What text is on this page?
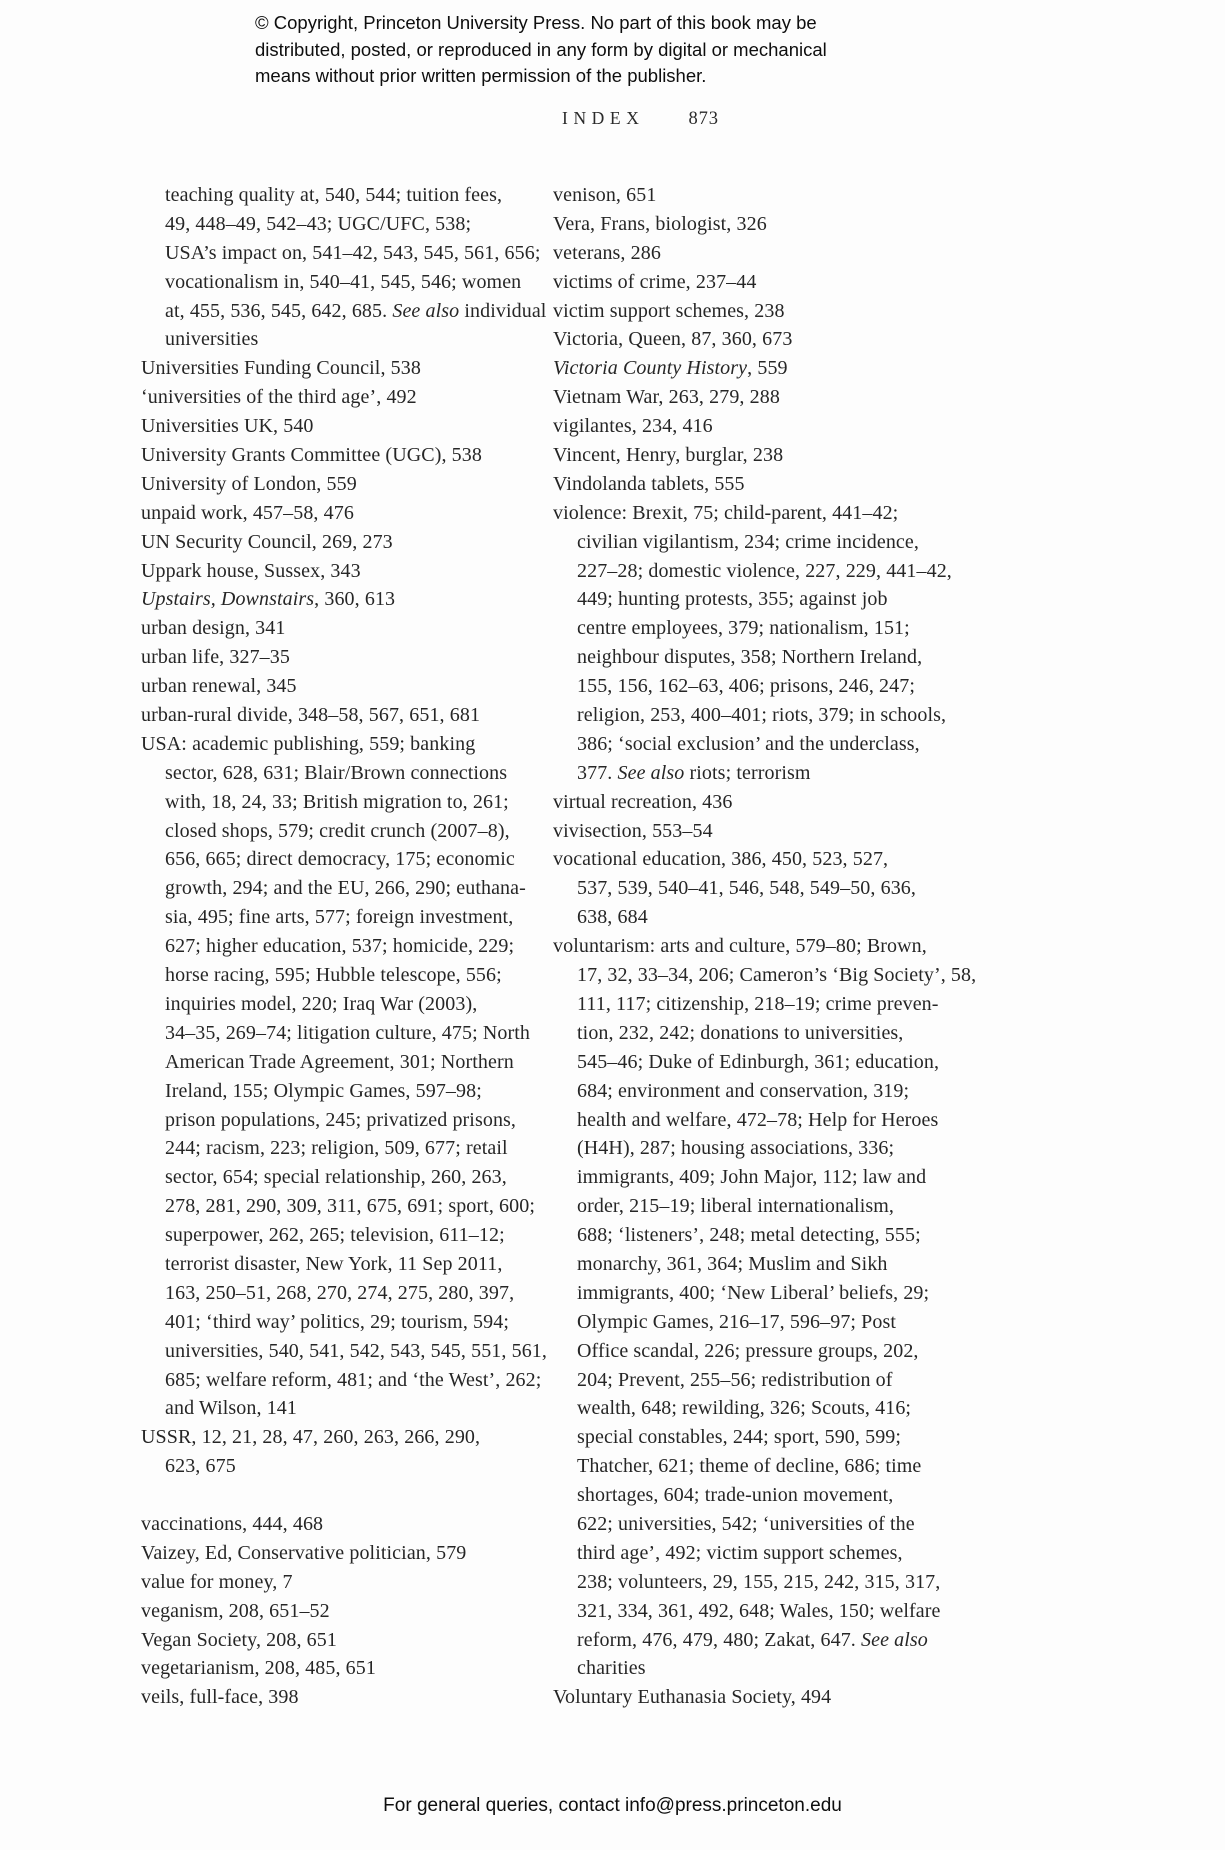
© Copyright, Princeton University Press. No part of this book may be
distributed, posted, or reproduced in any form by digital or mechanical
means without prior written permission of the publisher.
INDEX 873
teaching quality at, 540, 544; tuition fees,
49, 448–49, 542–43; UGC/UFC, 538;
USA’s impact on, 541–42, 543, 545, 561, 656;
vocationalism in, 540–41, 545, 546; women
at, 455, 536, 545, 642, 685. See also individual
universities
Universities Funding Council, 538
‘universities of the third age’, 492
Universities UK, 540
University Grants Committee (UGC), 538
University of London, 559
unpaid work, 457–58, 476
UN Security Council, 269, 273
Uppark house, Sussex, 343
Upstairs, Downstairs, 360, 613
urban design, 341
urban life, 327–35
urban renewal, 345
urban-rural divide, 348–58, 567, 651, 681
USA: academic publishing, 559; banking
sector, 628, 631; Blair/Brown connections
with, 18, 24, 33; British migration to, 261;
closed shops, 579; credit crunch (2007–8),
656, 665; direct democracy, 175; economic
growth, 294; and the EU, 266, 290; euthana-
sia, 495; fine arts, 577; foreign investment,
627; higher education, 537; homicide, 229;
horse racing, 595; Hubble telescope, 556;
inquiries model, 220; Iraq War (2003),
34–35, 269–74; litigation culture, 475; North
American Trade Agreement, 301; Northern
Ireland, 155; Olympic Games, 597–98;
prison populations, 245; privatized prisons,
244; racism, 223; religion, 509, 677; retail
sector, 654; special relationship, 260, 263,
278, 281, 290, 309, 311, 675, 691; sport, 600;
superpower, 262, 265; television, 611–12;
terrorist disaster, New York, 11 Sep 2011,
163, 250–51, 268, 270, 274, 275, 280, 397,
401; ‘third way’ politics, 29; tourism, 594;
universities, 540, 541, 542, 543, 545, 551, 561,
685; welfare reform, 481; and ‘the West’, 262;
and Wilson, 141
USSR, 12, 21, 28, 47, 260, 263, 266, 290,
623, 675
vaccinations, 444, 468
Vaizey, Ed, Conservative politician, 579
value for money, 7
veganism, 208, 651–52
Vegan Society, 208, 651
vegetarianism, 208, 485, 651
veils, full-face, 398
venison, 651
Vera, Frans, biologist, 326
veterans, 286
victims of crime, 237–44
victim support schemes, 238
Victoria, Queen, 87, 360, 673
Victoria County History, 559
Vietnam War, 263, 279, 288
vigilantes, 234, 416
Vincent, Henry, burglar, 238
Vindolanda tablets, 555
violence: Brexit, 75; child-parent, 441–42;
civilian vigilantism, 234; crime incidence,
227–28; domestic violence, 227, 229, 441–42,
449; hunting protests, 355; against job
centre employees, 379; nationalism, 151;
neighbour disputes, 358; Northern Ireland,
155, 156, 162–63, 406; prisons, 246, 247;
religion, 253, 400–401; riots, 379; in schools,
386; ‘social exclusion’ and the underclass,
377. See also riots; terrorism
virtual recreation, 436
vivisection, 553–54
vocational education, 386, 450, 523, 527,
537, 539, 540–41, 546, 548, 549–50, 636,
638, 684
voluntarism: arts and culture, 579–80; Brown,
17, 32, 33–34, 206; Cameron’s ‘Big Society’, 58,
111, 117; citizenship, 218–19; crime preven-
tion, 232, 242; donations to universities,
545–46; Duke of Edinburgh, 361; education,
684; environment and conservation, 319;
health and welfare, 472–78; Help for Heroes
(H4H), 287; housing associations, 336;
immigrants, 409; John Major, 112; law and
order, 215–19; liberal internationalism,
688; ‘listeners’, 248; metal detecting, 555;
monarchy, 361, 364; Muslim and Sikh
immigrants, 400; ‘New Liberal’ beliefs, 29;
Olympic Games, 216–17, 596–97; Post
Office scandal, 226; pressure groups, 202,
204; Prevent, 255–56; redistribution of
wealth, 648; rewilding, 326; Scouts, 416;
special constables, 244; sport, 590, 599;
Thatcher, 621; theme of decline, 686; time
shortages, 604; trade-union movement,
622; universities, 542; ‘universities of the
third age’, 492; victim support schemes,
238; volunteers, 29, 155, 215, 242, 315, 317,
321, 334, 361, 492, 648; Wales, 150; welfare
reform, 476, 479, 480; Zakat, 647. See also
charities
Voluntary Euthanasia Society, 494
For general queries, contact info@press.princeton.edu
